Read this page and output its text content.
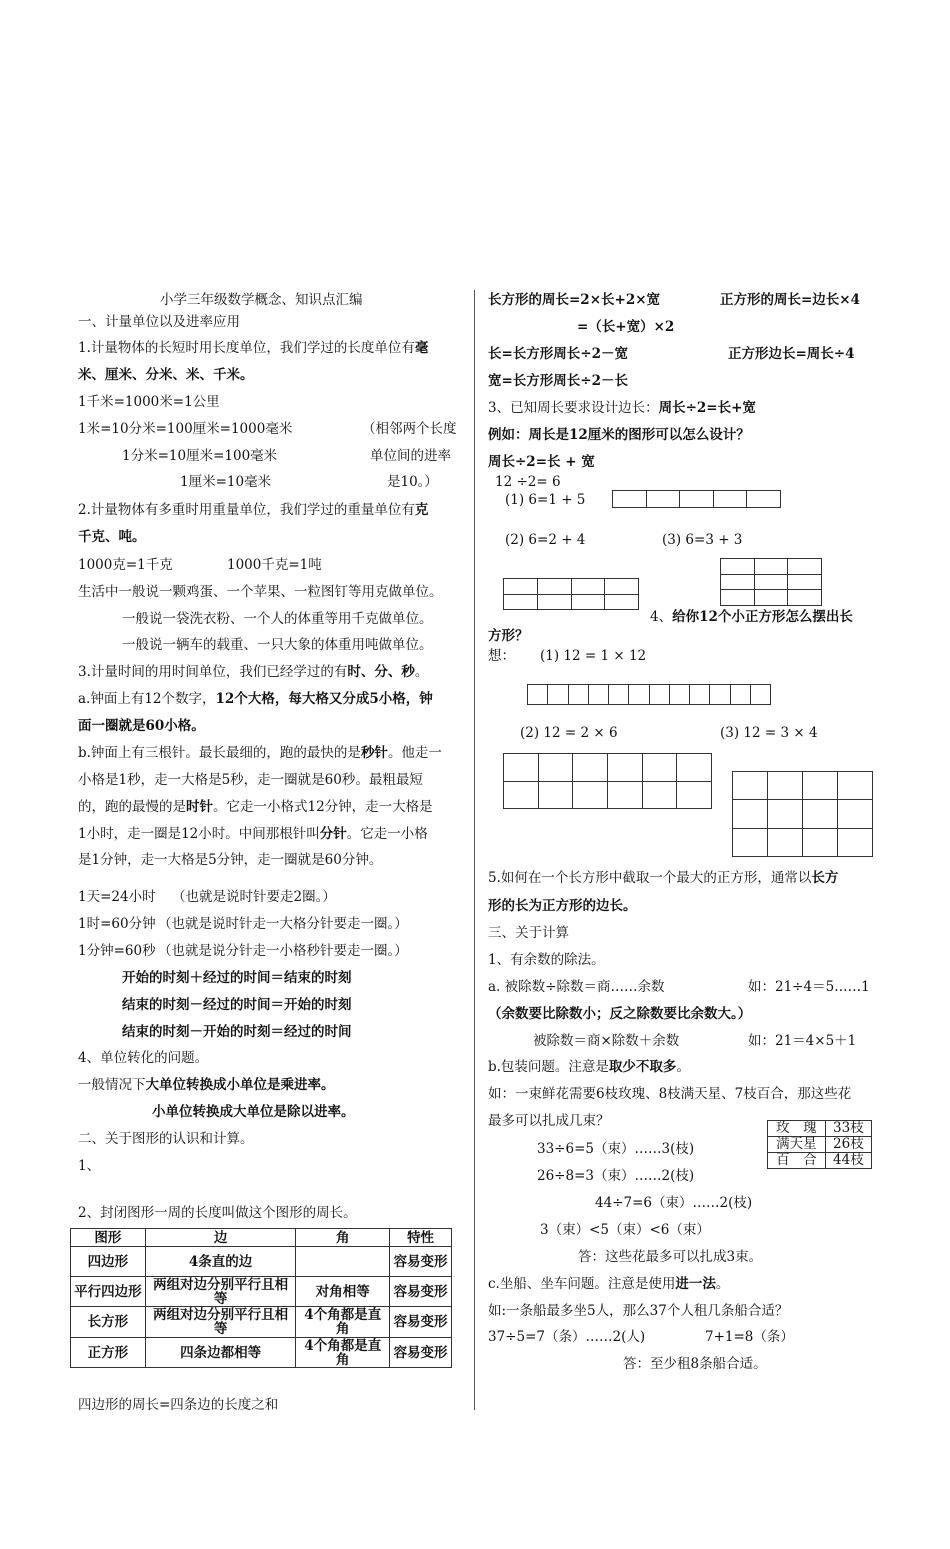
小学三年级数学概念、知识点汇编
一、计量单位以及进率应用
1.计量物体的长短时用长度单位，我们学过的长度单位有毫
米、厘米、分米、米、千米。
1千米=1000米=1公里
1米=10分米=100厘米=1000毫米	（相邻两个长度
1分米=10厘米=100毫米	单位间的进率
1厘米=10毫米	是10。）
2.计量物体有多重时用重量单位，我们学过的重量单位有克
千克、吨。
1000克=1千克	1000千克=1吨
生活中一般说一颗鸡蛋、一个苹果、一粒图钉等用克做单位。
一般说一袋洗衣粉、一个人的体重等用千克做单位。
一般说一辆车的载重、一只大象的体重用吨做单位。
3.计量时间的用时间单位，我们已经学过的有时、分、秒。
a.钟面上有12个数字，12个大格，每大格又分成5小格，钟
面一圈就是60小格。
b.钟面上有三根针。最长最细的，跑的最快的是秒针。他走一
小格是1秒，走一大格是5秒，走一圈就是60秒。最粗最短
的，跑的最慢的是时针。它走一小格式12分钟，走一大格是
1小时，走一圈是12小时。中间那根针叫分针。它走一小格
是1分钟，走一大格是5分钟，走一圈就是60分钟。
1天=24小时 （也就是说时针要走2圈。）
1时=60分钟 （也就是说时针走一大格分针要走一圈。）
1分钟=60秒 （也就是说分针走一小格秒针要走一圈。）
开始的时刻＋经过的时间＝结束的时刻
结束的时刻－经过的时间＝开始的时刻
结束的时刻－开始的时刻＝经过的时间
4、单位转化的问题。
一般情况下大单位转换成小单位是乘进率。
小单位转换成大单位是除以进率。
二、关于图形的认识和计算。
1、
2、封闭图形一周的长度叫做这个图形的周长。
图形	边	角	特性
四边形	4条直的边		容易变形
平行四边形	两组对边分别平行且相等	对角相等	容易变形
长方形	两组对边分别平行且相等	4个角都是直角	容易变形
正方形	四条边都相等	4个角都是直角	容易变形
四边形的周长=四条边的长度之和
长方形的周长=2×长+2×宽	正方形的周长=边长×4
=（长+宽）×2
长=长方形周长÷2－宽	正方形边长=周长÷4
宽=长方形周长÷2－长
3、已知周长要求设计边长：周长÷2=长+宽
例如：周长是12厘米的图形可以怎么设计？
周长÷2=长 + 宽
12 ÷2= 6
(1) 6=1 + 5
(2) 6=2 + 4	(3) 6=3 + 3
4、给你12个小正方形怎么摆出长
方形？
想： (1) 12 = 1 × 12
(2) 12 = 2 × 6	(3) 12 = 3 × 4
5.如何在一个长方形中截取一个最大的正方形，通常以长方
形的长为正方形的边长。
三、关于计算
1、有余数的除法。
a. 被除数÷除数＝商……余数	如：21÷4＝5……1
（余数要比除数小；反之除数要比余数大。）
被除数＝商×除数＋余数	如：21＝4×5＋1
b.包装问题。注意是取少不取多。
如：一束鲜花需要6枝玫瑰、8枝满天星、7枝百合，那这些花
最多可以扎成几束？	玫　瑰	33枝
满天星	26枝
百　合	44枝
33÷6=5（束）……3(枝)
26÷8=3（束）……2(枝)
44÷7=6（束）……2(枝)
3（束）<5（束）<6（束）
答：这些花最多可以扎成3束。
c.坐船、坐车问题。注意是使用进一法。
如:一条船最多坐5人，那么37个人租几条船合适？
37÷5=7（条）……2(人)	7+1=8（条）
答：至少租8条船合适。
